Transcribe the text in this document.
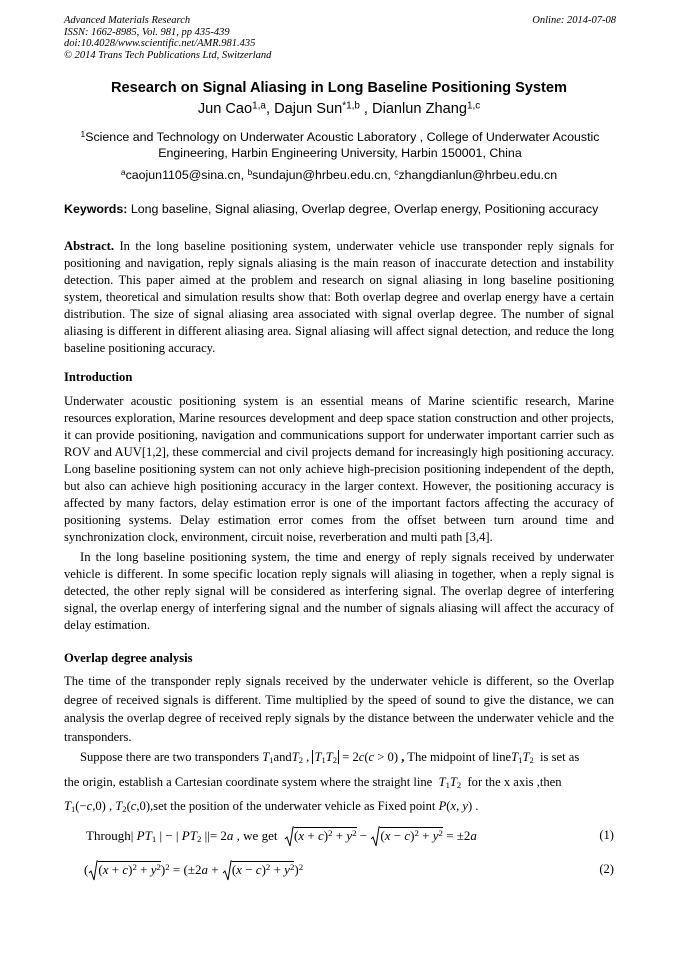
Advanced Materials Research
ISSN: 1662-8985, Vol. 981, pp 435-439
doi:10.4028/www.scientific.net/AMR.981.435
© 2014 Trans Tech Publications Ltd, Switzerland
Online: 2014-07-08
Research on Signal Aliasing in Long Baseline Positioning System
Jun Cao$^{1,a}$, Dajun Sun$^{*1,b}$ , Dianlun Zhang$^{1,c}$
$^1$Science and Technology on Underwater Acoustic Laboratory , College of Underwater Acoustic Engineering, Harbin Engineering University, Harbin 150001, China
$^a$caojun1105@sina.cn, $^b$sundajun@hrbeu.edu.cn, $^c$zhangdianlun@hrbeu.edu.cn
Keywords: Long baseline, Signal aliasing, Overlap degree, Overlap energy, Positioning accuracy
Abstract. In the long baseline positioning system, underwater vehicle use transponder reply signals for positioning and navigation, reply signals aliasing is the main reason of inaccurate detection and instability detection. This paper aimed at the problem and research on signal aliasing in long baseline positioning system, theoretical and simulation results show that: Both overlap degree and overlap energy have a certain distribution. The size of signal aliasing area associated with signal overlap degree. The number of signal aliasing is different in different aliasing area. Signal aliasing will affect signal detection, and reduce the long baseline positioning accuracy.
Introduction
Underwater acoustic positioning system is an essential means of Marine scientific research, Marine resources exploration, Marine resources development and deep space station construction and other projects, it can provide positioning, navigation and communications support for underwater important carrier such as ROV and AUV[1,2], these commercial and civil projects demand for increasingly high positioning accuracy. Long baseline positioning system can not only achieve high-precision positioning independent of the depth, but also can achieve high positioning accuracy in the larger context. However, the positioning accuracy is affected by many factors, delay estimation error is one of the important factors affecting the accuracy of positioning systems. Delay estimation error comes from the offset between turn around time and synchronization clock, environment, circuit noise, reverberation and multi path [3,4].
In the long baseline positioning system, the time and energy of reply signals received by underwater vehicle is different. In some specific location reply signals will aliasing in together, when a reply signal is detected, the other reply signal will be considered as interfering signal. The overlap degree of interfering signal, the overlap energy of interfering signal and the number of signals aliasing will affect the accuracy of delay estimation.
Overlap degree analysis
The time of the transponder reply signals received by the underwater vehicle is different, so the Overlap degree of received signals is different. Time multiplied by the speed of sound to give the distance, we can analysis the overlap degree of received reply signals by the distance between the underwater vehicle and the transponders.
Suppose there are two transponders $T_1andT_2$ , $T_1T_2 = 2c(c > 0)$ , The midpoint of $lineT_1T_2$ is set as
the origin, establish a Cartesian coordinate system where the straight line $T_1T_2$ for the x axis ,then
$T_1(-c,0)$ , $T_2(c,0),set$ the position of the underwater vehicle as Fixed point P(x, y) .
Through| $PT_1$ | − | $PT_2$ ||= 2a , we get $(x + c)^2 + y^2 - (x - c)^2 + y^2 = \pm 2a$	(1)
( $(x + c)^2 + y^2)^2 = (\pm 2a + (x - c)^2 + y^2)^2$	(2)
